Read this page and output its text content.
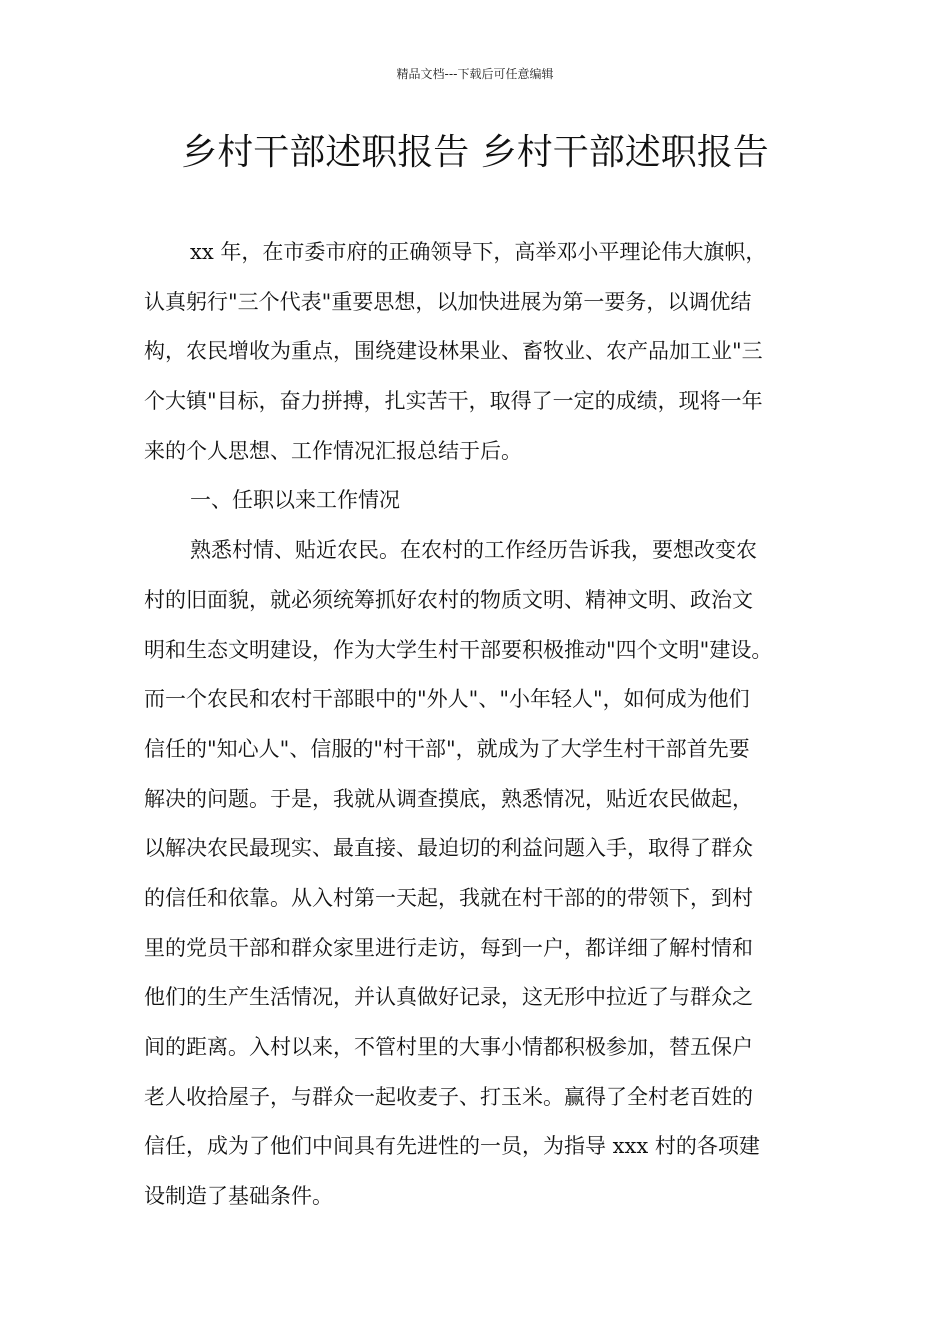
精品文档---下载后可任意编辑
乡村干部述职报告 乡村干部述职报告
xx 年，在市委市府的正确领导下，高举邓小平理论伟大旗帜，
认真躬行"三个代表"重要思想，以加快进展为第一要务，以调优结
构，农民增收为重点，围绕建设林果业、畜牧业、农产品加工业"三
个大镇"目标，奋力拼搏，扎实苦干，取得了一定的成绩，现将一年
来的个人思想、工作情况汇报总结于后。
一、任职以来工作情况
熟悉村情、贴近农民。在农村的工作经历告诉我，要想改变农
村的旧面貌，就必须统筹抓好农村的物质文明、精神文明、政治文
明和生态文明建设，作为大学生村干部要积极推动"四个文明"建设。
而一个农民和农村干部眼中的"外人"、"小年轻人"，如何成为他们
信任的"知心人"、信服的"村干部"，就成为了大学生村干部首先要
解决的问题。于是，我就从调查摸底，熟悉情况，贴近农民做起，
以解决农民最现实、最直接、最迫切的利益问题入手，取得了群众
的信任和依靠。从入村第一天起，我就在村干部的的带领下，到村
里的党员干部和群众家里进行走访，每到一户，都详细了解村情和
他们的生产生活情况，并认真做好记录，这无形中拉近了与群众之
间的距离。入村以来，不管村里的大事小情都积极参加，替五保户
老人收拾屋子，与群众一起收麦子、打玉米。赢得了全村老百姓的
信任，成为了他们中间具有先进性的一员，为指导 xxx 村的各项建
设制造了基础条件。
